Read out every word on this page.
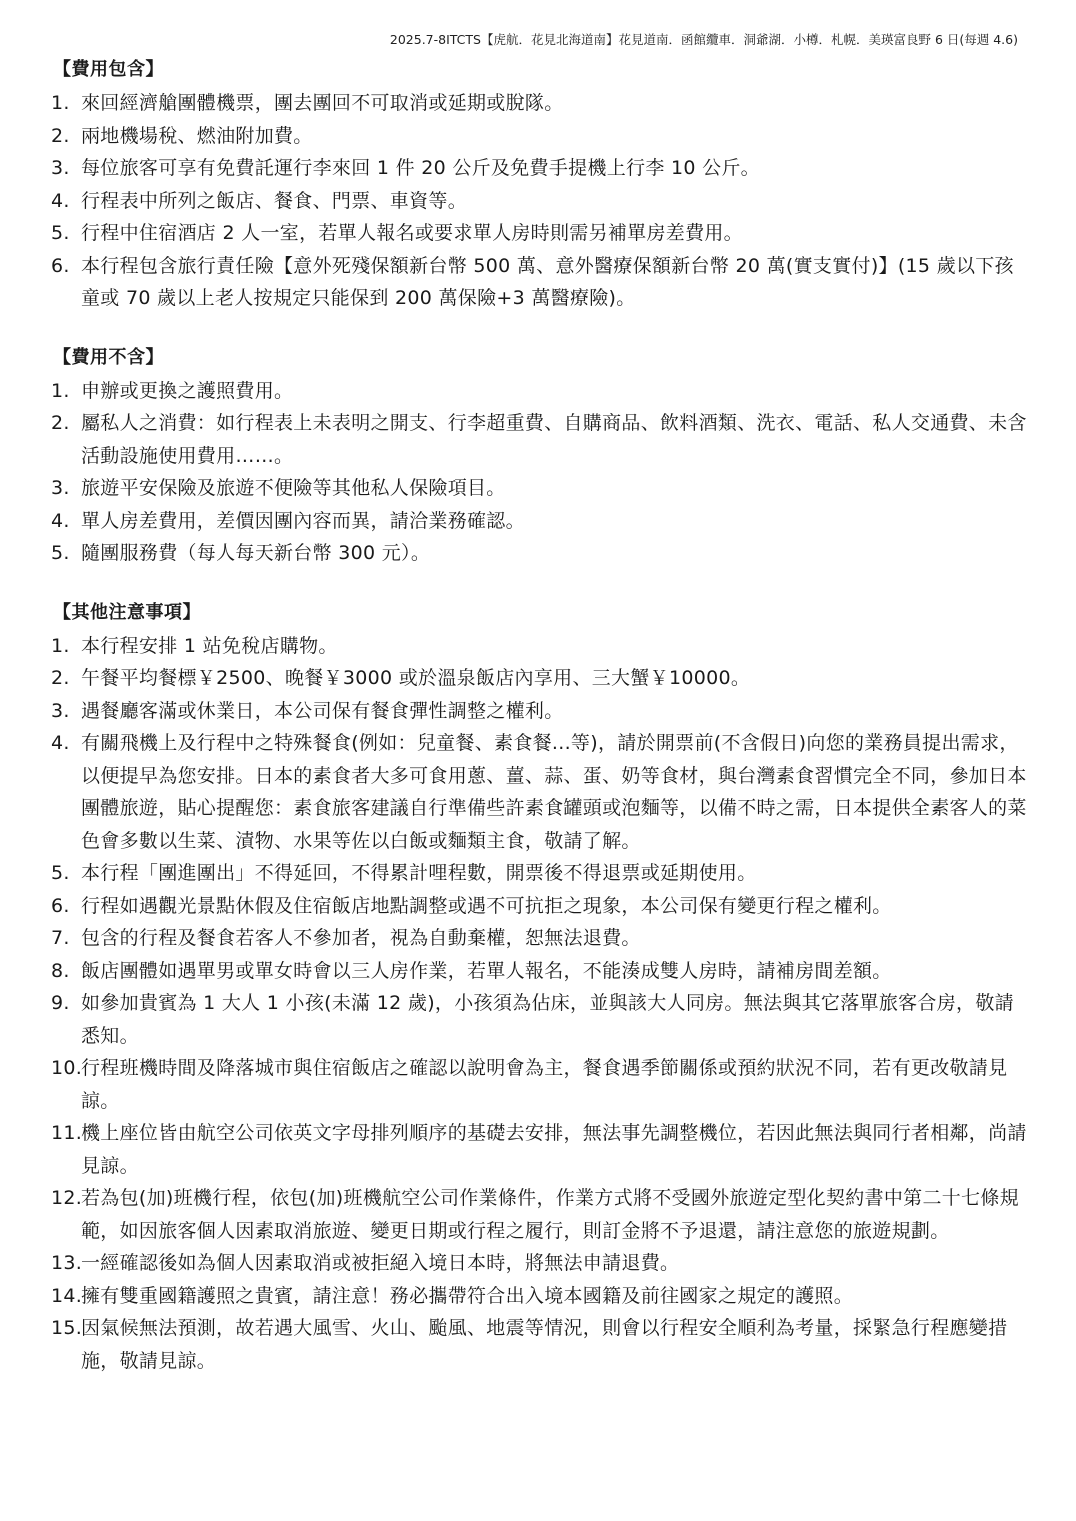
2025.7-8ITCTS【虎航．花見北海道南】花見道南．函館纜車．洞爺湖．小樽．札幌．美瑛富良野 6 日(每週 4.6)
【費用包含】
1. 來回經濟艙團體機票，團去團回不可取消或延期或脫隊。
2. 兩地機場稅、燃油附加費。
3. 每位旅客可享有免費託運行李來回 1 件 20 公斤及免費手提機上行李 10 公斤。
4. 行程表中所列之飯店、餐食、門票、車資等。
5. 行程中住宿酒店 2 人一室，若單人報名或要求單人房時則需另補單房差費用。
6. 本行程包含旅行責任險【意外死殘保額新台幣 500 萬、意外醫療保額新台幣 20 萬(實支實付)】(15 歲以下孩童或 70 歲以上老人按規定只能保到 200 萬保險+3 萬醫療險)。
【費用不含】
1. 申辦或更換之護照費用。
2. 屬私人之消費：如行程表上未表明之開支、行李超重費、自購商品、飲料酒類、洗衣、電話、私人交通費、未含活動設施使用費用……。
3. 旅遊平安保險及旅遊不便險等其他私人保險項目。
4. 單人房差費用，差價因團內容而異，請洽業務確認。
5. 隨團服務費（每人每天新台幣 300 元）。
【其他注意事項】
1. 本行程安排 1 站免稅店購物。
2. 午餐平均餐標￥2500、晚餐￥3000 或於溫泉飯店內享用、三大蟹￥10000。
3. 遇餐廳客滿或休業日，本公司保有餐食彈性調整之權利。
4. 有關飛機上及行程中之特殊餐食(例如：兒童餐、素食餐...等)，請於開票前(不含假日)向您的業務員提出需求，以便提早為您安排。日本的素食者大多可食用蔥、薑、蒜、蛋、奶等食材，與台灣素食習慣完全不同，參加日本團體旅遊，貼心提醒您：素食旅客建議自行準備些許素食罐頭或泡麵等，以備不時之需，日本提供全素客人的菜色會多數以生菜、漬物、水果等佐以白飯或麵類主食，敬請了解。
5. 本行程「團進團出」不得延回，不得累計哩程數，開票後不得退票或延期使用。
6. 行程如遇觀光景點休假及住宿飯店地點調整或遇不可抗拒之現象，本公司保有變更行程之權利。
7. 包含的行程及餐食若客人不參加者，視為自動棄權，恕無法退費。
8. 飯店團體如遇單男或單女時會以三人房作業，若單人報名，不能湊成雙人房時，請補房間差額。
9. 如參加貴賓為 1 大人 1 小孩(未滿 12 歲)，小孩須為佔床，並與該大人同房。無法與其它落單旅客合房，敬請悉知。
10.
行程班機時間及降落城市與住宿飯店之確認以說明會為主，餐食遇季節關係或預約狀況不同，若有更改敬請見諒。
11.
機上座位皆由航空公司依英文字母排列順序的基礎去安排，無法事先調整機位，若因此無法與同行者相鄰，尚請見諒。
12.
若為包(加)班機行程，依包(加)班機航空公司作業條件，作業方式將不受國外旅遊定型化契約書中第二十七條規範，如因旅客個人因素取消旅遊、變更日期或行程之履行，則訂金將不予退還，請注意您的旅遊規劃。
13.
一經確認後如為個人因素取消或被拒絕入境日本時，將無法申請退費。
14.
擁有雙重國籍護照之貴賓，請注意！務必攜帶符合出入境本國籍及前往國家之規定的護照。
15.
因氣候無法預測，故若遇大風雪、火山、颱風、地震等情況，則會以行程安全順利為考量，採緊急行程應變措施，敬請見諒。
